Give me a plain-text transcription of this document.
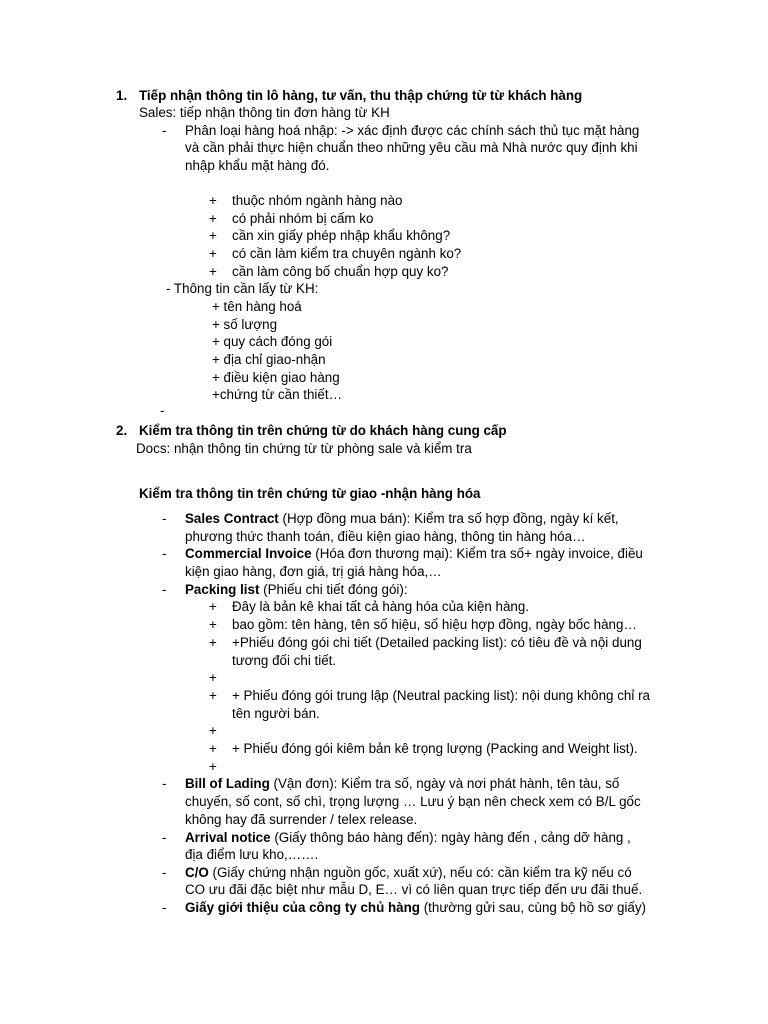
1. Tiếp nhận thông tin lô hàng, tư vấn, thu thập chứng từ từ khách hàng
Sales: tiếp nhận thông tin đơn hàng từ KH
- Phân loại hàng hoá nhập: -> xác định được các chính sách thủ tục mặt hàng
và cần phải thực hiện chuẩn theo những yêu cầu mà Nhà nước quy định khi
nhập khẩu mặt hàng đó.
+ thuộc nhóm ngành hàng nào
+ có phải nhóm bị cấm ko
+ cần xin giấy phép nhập khẩu không?
+ có cần làm kiểm tra chuyên ngành ko?
+ cần làm công bố chuẩn hợp quy ko?
- Thông tin cần lấy từ KH:
+ tên hàng hoá
+ số lượng
+ quy cách đóng gói
+ địa chỉ giao-nhận
+ điều kiện giao hàng
+chứng từ cần thiết…
-
2. Kiểm tra thông tin trên chứng từ do khách hàng cung cấp
Docs: nhận thông tin chứng từ từ phòng sale và kiểm tra
Kiểm tra thông tin trên chứng từ giao -nhận hàng hóa
- Sales Contract (Hợp đồng mua bán): Kiểm tra số hợp đồng, ngày kí kết,
phương thức thanh toán, điều kiện giao hàng, thông tin hàng hóa…
- Commercial Invoice (Hóa đơn thương mại): Kiểm tra số+ ngày invoice, điều
kiện giao hàng, đơn giá, trị giá hàng hóa,…
- Packing list (Phiếu chi tiết đóng gói):
+ Đây là bản kê khai tất cả hàng hóa của kiện hàng.
+ bao gồm: tên hàng, tên số hiệu, số hiệu hợp đồng, ngày bốc hàng…
+ +Phiếu đóng gói chi tiết (Detailed packing list): có tiêu đề và nội dung
tương đối chi tiết.
+
+ + Phiếu đóng gói trung lập (Neutral packing list): nội dung không chỉ ra
tên người bán.
+
+ + Phiếu đóng gói kiêm bản kê trọng lượng (Packing and Weight list).
+
- Bill of Lading (Vận đơn): Kiểm tra số, ngày và nơi phát hành, tên tàu, số
chuyến, số cont, số chì, trọng lượng … Lưu ý bạn nên check xem có B/L gốc
không hay đã surrender / telex release.
- Arrival notice (Giấy thông báo hàng đến): ngày hàng đến , cảng dỡ hàng ,
địa điểm lưu kho,…….
- C/O (Giấy chứng nhận nguồn gốc, xuất xứ), nếu có: cần kiểm tra kỹ nếu có
CO ưu đãi đặc biệt như mẫu D, E… vì có liên quan trực tiếp đến ưu đãi thuế.
- Giấy giới thiệu của công ty chủ hàng (thường gửi sau, cùng bộ hồ sơ giấy)
